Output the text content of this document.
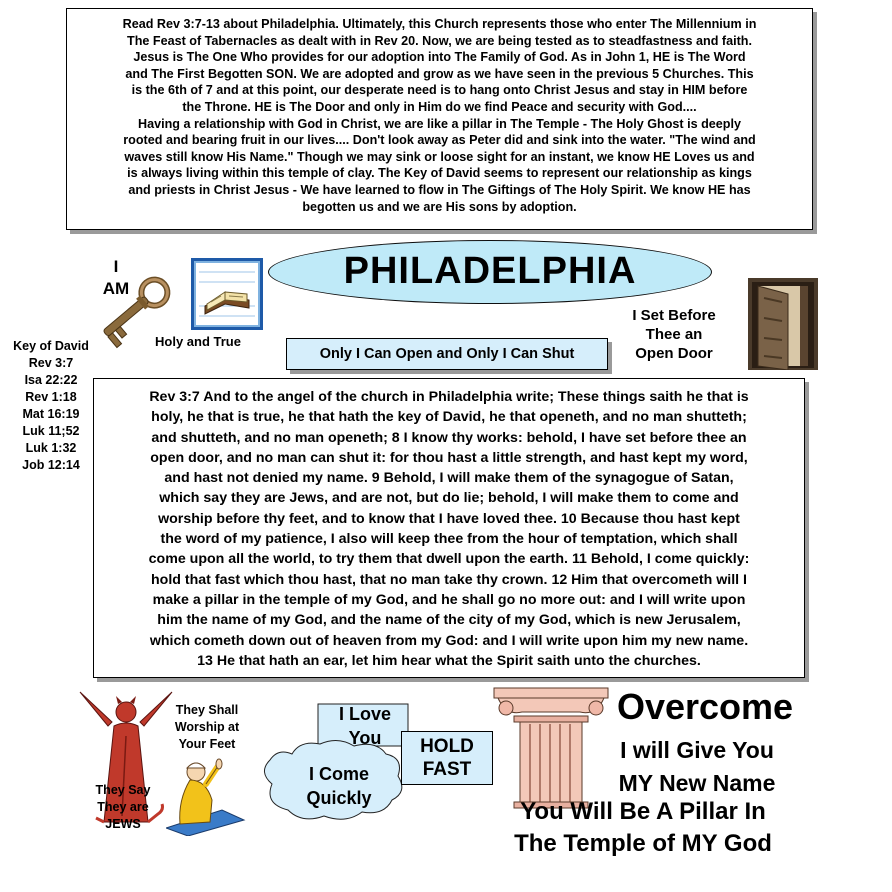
Read Rev 3:7-13 about Philadelphia. Ultimately, this Church represents those who enter The Millennium in
The Feast of Tabernacles as dealt with in Rev 20. Now, we are being tested as to steadfastness and faith.
Jesus is The One Who provides for our adoption into The Family of God. As in John 1, HE is The Word
and The First Begotten SON. We are adopted and grow as we have seen in the previous 5 Churches. This
is the 6th of 7 and at this point, our desperate need is to hang onto Christ Jesus and stay in HIM before
the Throne. HE is The Door and only in Him do we find Peace and security with God....
Having a relationship with God in Christ, we are like a pillar in The Temple - The Holy Ghost is deeply
rooted and bearing fruit in our lives.... Don't look away as Peter did and sink into the water. "The wind and
waves still know His Name." Though we may sink or loose sight for an instant, we know HE Loves us and
is always living within this temple of clay. The Key of David seems to represent our relationship as kings
and priests in Christ Jesus - We have learned to flow in The Giftings of The Holy Spirit. We know HE has
begotten us and we are His sons by adoption.
I
AM
Holy and True
PHILADELPHIA
Only I Can Open and Only I Can Shut
I Set Before
Thee an
Open Door
Key of David
Rev 3:7
Isa 22:22
Rev 1:18
Mat 16:19
Luk 11;52
Luk 1:32
Job 12:14
Rev 3:7 And to the angel of the church in Philadelphia write; These things saith he that is
holy, he that is true, he that hath the key of David, he that openeth, and no man shutteth;
and shutteth, and no man openeth; 8 I know thy works: behold, I have set before thee an
open door, and no man can shut it: for thou hast a little strength, and hast kept my word,
and hast not denied my name. 9 Behold, I will make them of the synagogue of Satan,
which say they are Jews, and are not, but do lie; behold, I will make them to come and
worship before thy feet, and to know that I have loved thee. 10 Because thou hast kept
the word of my patience, I also will keep thee from the hour of temptation, which shall
come upon all the world, to try them that dwell upon the earth. 11 Behold, I come quickly:
hold that fast which thou hast, that no man take thy crown. 12 Him that overcometh will I
make a pillar in the temple of my God, and he shall go no more out: and I will write upon
him the name of my God, and the name of the city of my God, which is new Jerusalem,
which cometh down out of heaven from my God: and I will write upon him my new name.
13 He that hath an ear, let him hear what the Spirit saith unto the churches.
They Shall
Worship at
Your Feet
They Say
They are
JEWS
I Love
You
I Come
Quickly
HOLD
FAST
Overcome
I will Give You
MY New Name
You Will Be A Pillar In
The Temple of MY God
